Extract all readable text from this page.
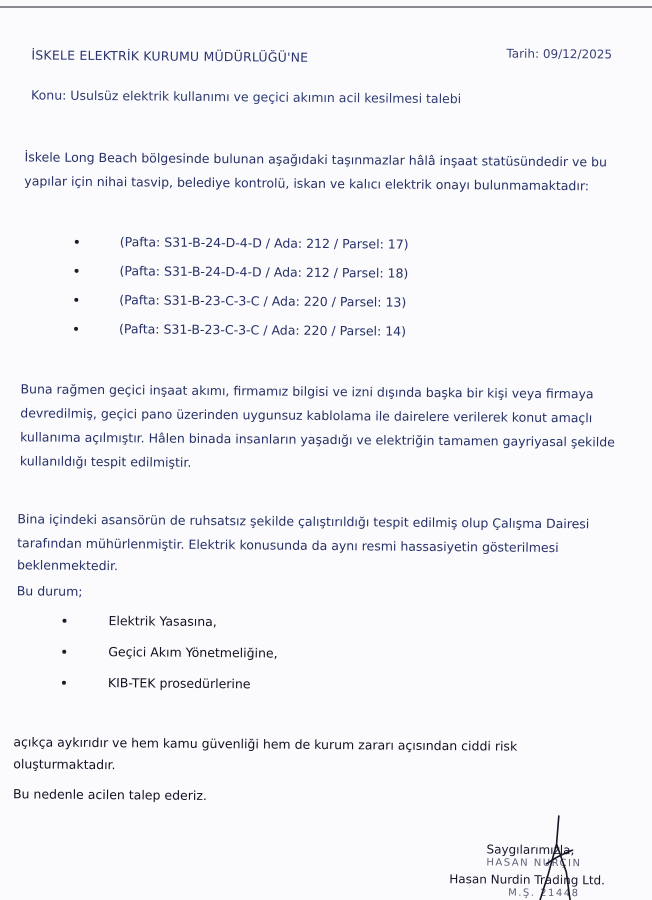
Tarih: 09/12/2025

İSKELE ELEKTRİK KURUMU MÜDÜRLÜĞÜ'NE

Konu: Usulsüz elektrik kullanımı ve geçici akımın acil kesilmesi talebi

İskele Long Beach bölgesinde bulunan aşağıdaki taşınmazlar hâlâ inşaat statüsündedir ve bu

yapılar için nihai tasvip, belediye kontrolü, iskan ve kalıcı elektrik onayı bulunmamaktadır:

(Pafta: S31-B-24-D-4-D / Ada: 212 / Parsel: 17)

(Pafta: S31-B-24-D-4-D / Ada: 212 / Parsel: 18)

(Pafta: S31-B-23-C-3-C / Ada: 220 / Parsel: 13)

(Pafta: S31-B-23-C-3-C / Ada: 220 / Parsel: 14)

Buna rağmen geçici inşaat akımı, firmamız bilgisi ve izni dışında başka bir kişi veya firmaya

devredilmiş, geçici pano üzerinden uygunsuz kablolama ile dairelere verilerek konut amaçlı

kullanıma açılmıştır. Hâlen binada insanların yaşadığı ve elektriğin tamamen gayriyasal şekilde

kullanıldığı tespit edilmiştir.

Bina içindeki asansörün de ruhsatsız şekilde çalıştırıldığı tespit edilmiş olup Çalışma Dairesi

tarafından mühürlenmiştir. Elektrik konusunda da aynı resmi hassasiyetin gösterilmesi

beklenmektedir.

Bu durum;

Elektrik Yasasına,

Geçici Akım Yönetmeliğine,

KIB-TEK prosedürlerine

açıkça aykırıdır ve hem kamu güvenliği hem de kurum zararı açısından ciddi risk

oluşturmaktadır.

Bu nedenle acilen talep ederiz.

Saygılarımızla,

HASAN NURÇIN

Hasan Nurdin Trading Ltd.

M.Ş. 21448
